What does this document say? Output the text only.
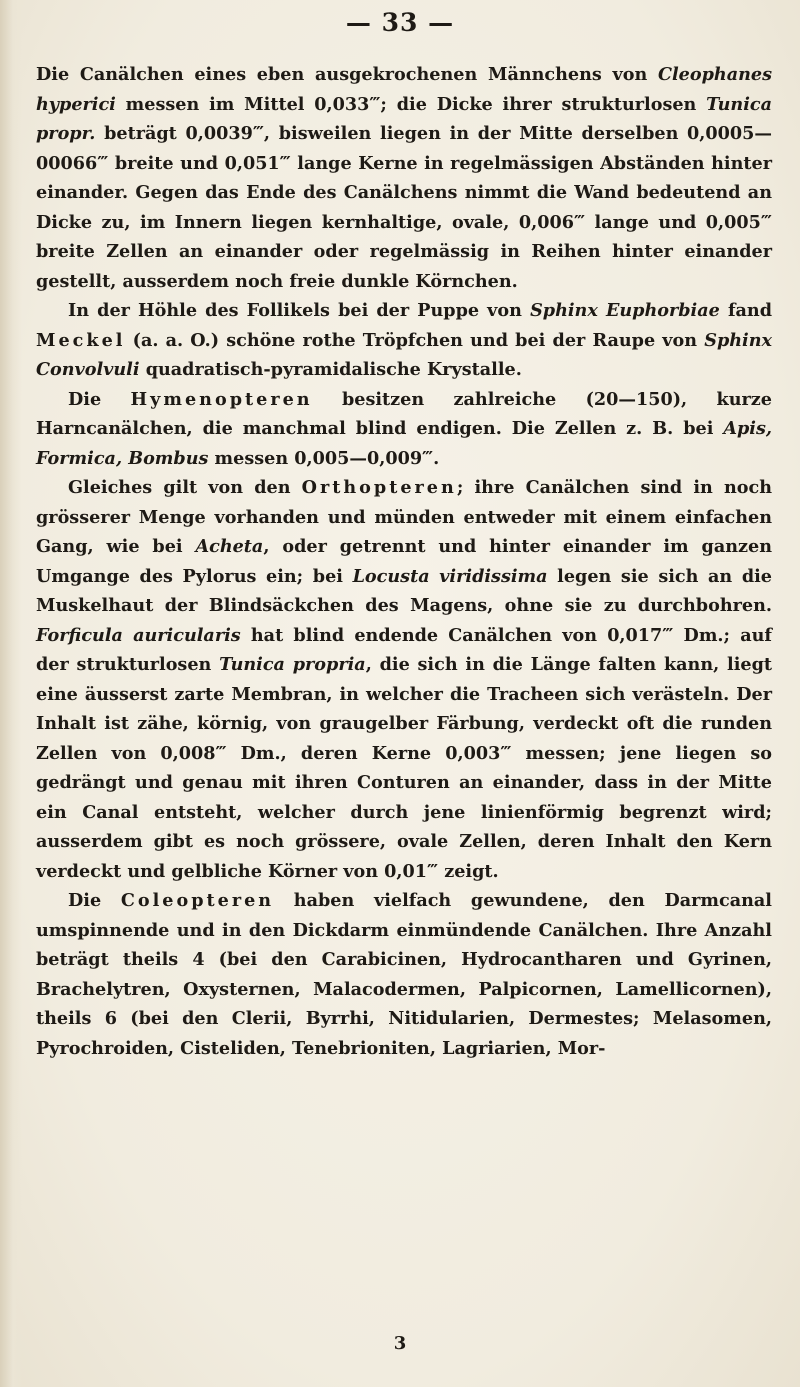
— 33 —

Die Canälchen eines eben ausgekrochenen Männchens von Cleophanes hyperici messen im Mittel 0,033‴; die Dicke ihrer strukturlosen Tunica propr. beträgt 0,0039‴, bisweilen liegen in der Mitte derselben 0,0005—00066‴ breite und 0,051‴ lange Kerne in regelmässigen Abständen hinter einander. Gegen das Ende des Canälchens nimmt die Wand bedeutend an Dicke zu, im Innern liegen kernhaltige, ovale, 0,006‴ lange und 0,005‴ breite Zellen an einander oder regelmässig in Reihen hinter einander gestellt, ausserdem noch freie dunkle Körnchen.

In der Höhle des Follikels bei der Puppe von Sphinx Euphorbiae fand Meckel (a. a. O.) schöne rothe Tröpfchen und bei der Raupe von Sphinx Convolvuli quadratisch-pyramidalische Krystalle.

Die Hymenopteren besitzen zahlreiche (20—150), kurze Harncanälchen, die manchmal blind endigen. Die Zellen z. B. bei Apis, Formica, Bombus messen 0,005—0,009‴.

Gleiches gilt von den Orthopteren; ihre Canälchen sind in noch grösserer Menge vorhanden und münden entweder mit einem einfachen Gang, wie bei Acheta, oder getrennt und hinter einander im ganzen Umgange des Pylorus ein; bei Locusta viridissima legen sie sich an die Muskelhaut der Blindsäckchen des Magens, ohne sie zu durchbohren. Forficula auricularis hat blind endende Canälchen von 0,017‴ Dm.; auf der strukturlosen Tunica propria, die sich in die Länge falten kann, liegt eine äusserst zarte Membran, in welcher die Tracheen sich verästeln. Der Inhalt ist zähe, körnig, von graugelber Färbung, verdeckt oft die runden Zellen von 0,008‴ Dm., deren Kerne 0,003‴ messen; jene liegen so gedrängt und genau mit ihren Conturen an einander, dass in der Mitte ein Canal entsteht, welcher durch jene linienförmig begrenzt wird; ausserdem gibt es noch grössere, ovale Zellen, deren Inhalt den Kern verdeckt und gelbliche Körner von 0,01‴ zeigt.

Die Coleopteren haben vielfach gewundene, den Darmcanal umspinnende und in den Dickdarm einmündende Canälchen. Ihre Anzahl beträgt theils 4 (bei den Carabicinen, Hydrocantharen und Gyrinen, Brachelytren, Oxysternen, Malacodermen, Palpicornen, Lamellicornen), theils 6 (bei den Clerii, Byrrhi, Nitidularien, Dermestes; Melasomen, Pyrochroiden, Cisteliden, Tenebrioniten, Lagriarien, Mor-

3
